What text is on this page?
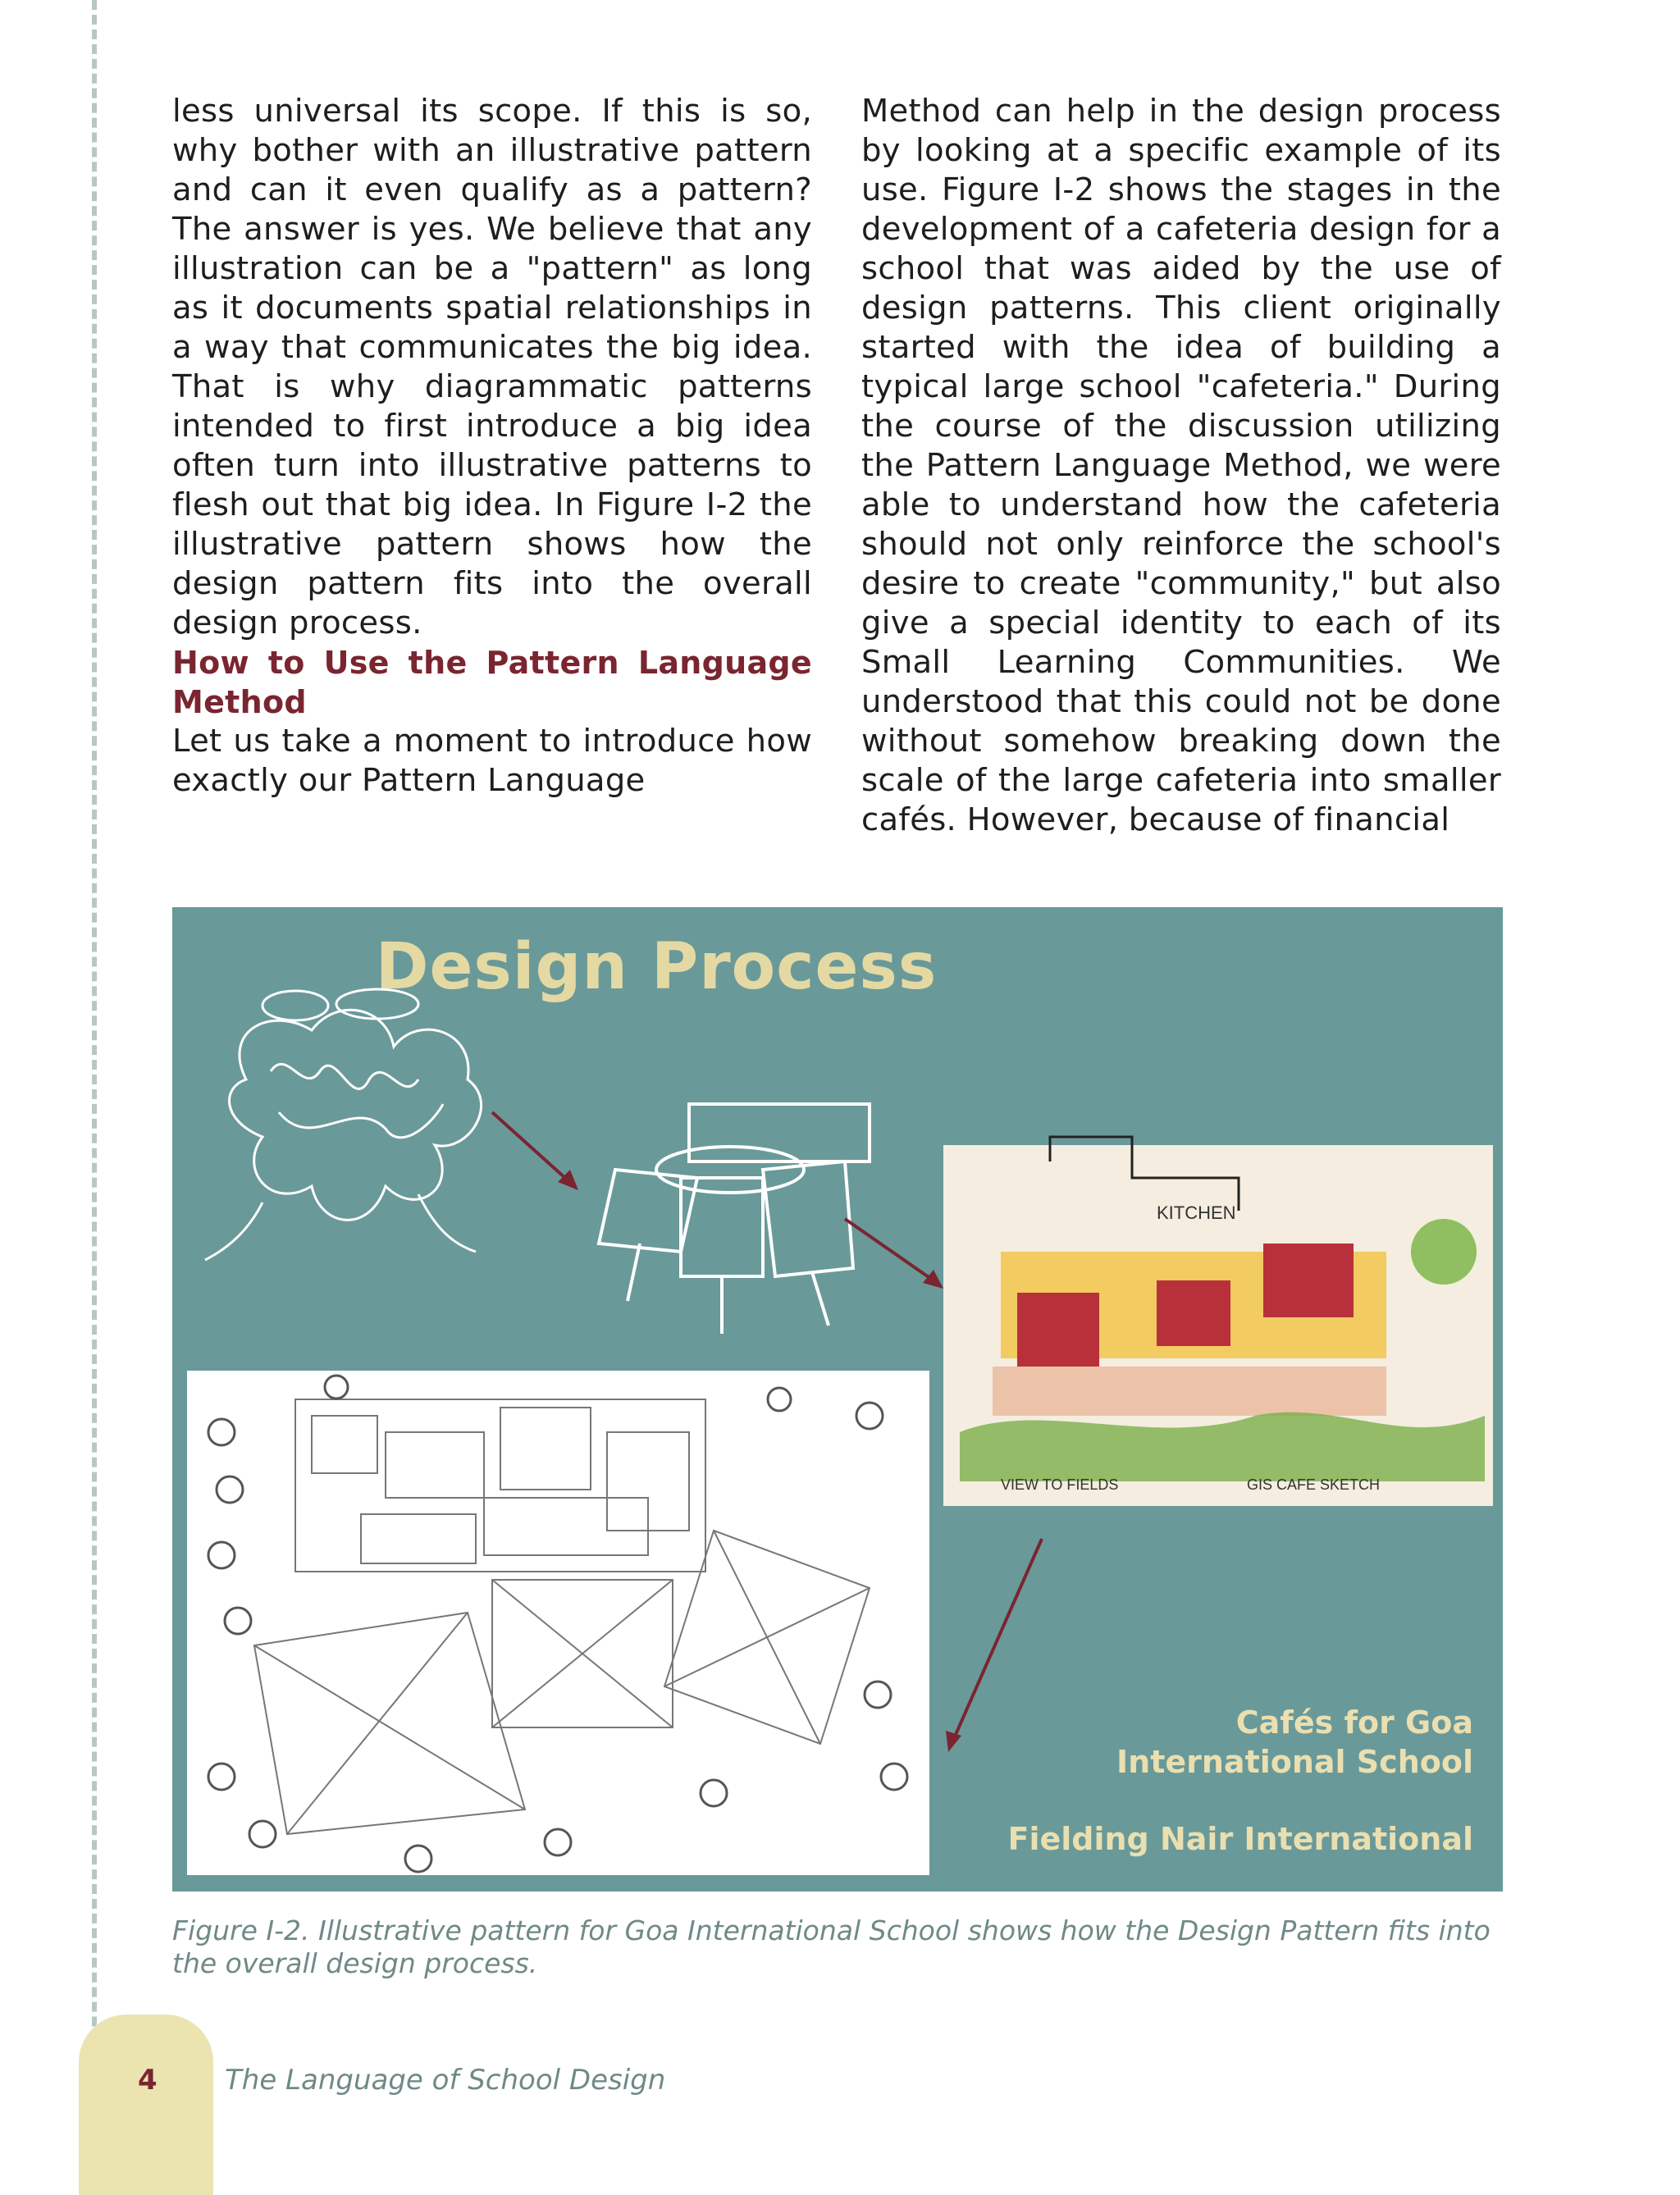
less universal its scope. If this is so, why bother with an illustrative pattern and can it even qualify as a pattern? The answer is yes. We believe that any illustration can be a "pattern" as long as it documents spatial relationships in a way that communicates the big idea. That is why diagrammatic patterns intended to first introduce a big idea often turn into illustrative patterns to flesh out that big idea. In Figure I-2 the illustrative pattern shows how the design pattern fits into the overall design process.

How to Use the Pattern Language Method

Let us take a moment to introduce how exactly our Pattern Language

Method can help in the design process by looking at a specific example of its use. Figure I-2 shows the stages in the development of a cafeteria design for a school that was aided by the use of design patterns. This client originally started with the idea of building a typical large school "cafeteria." During the course of the discussion utilizing the Pattern Language Method, we were able to understand how the cafeteria should not only reinforce the school's desire to create "community," but also give a special identity to each of its Small Learning Communities. We understood that this could not be done without somehow breaking down the scale of the large cafeteria into smaller cafés. However, because of financial

Design Process
KITCHEN
VIEW TO FIELDS	GIS CAFE SKETCH
Cafés for Goa
International School
Fielding Nair International
Figure I-2. Illustrative pattern for Goa International School shows how the Design Pattern fits into the overall design process.
4 The Language of School Design
